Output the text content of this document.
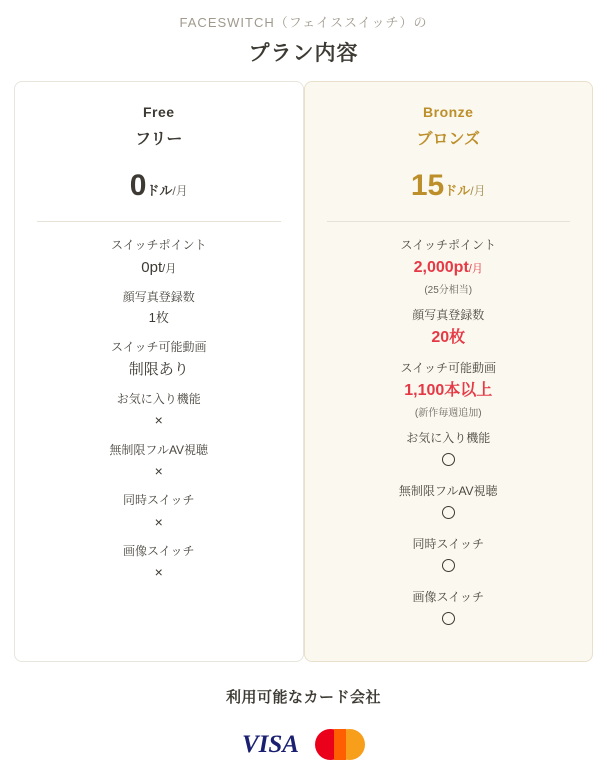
FACESWITCH（フェイススイッチ）の
プラン内容
Free
フリー
0ドル/月
スイッチポイント
0pt/月
顔写真登録数
1枚
スイッチ可能動画
制限あり
お気に入り機能
×
無制限フルAV視聴
×
同時スイッチ
×
画像スイッチ
×
Bronze
ブロンズ
15ドル/月
スイッチポイント
2,000pt/月
(25分相当)
顔写真登録数
20枚
スイッチ可能動画
1,100本以上
(新作毎週追加)
お気に入り機能
無制限フルAV視聴
同時スイッチ
画像スイッチ
利用可能なカード会社
VISA
